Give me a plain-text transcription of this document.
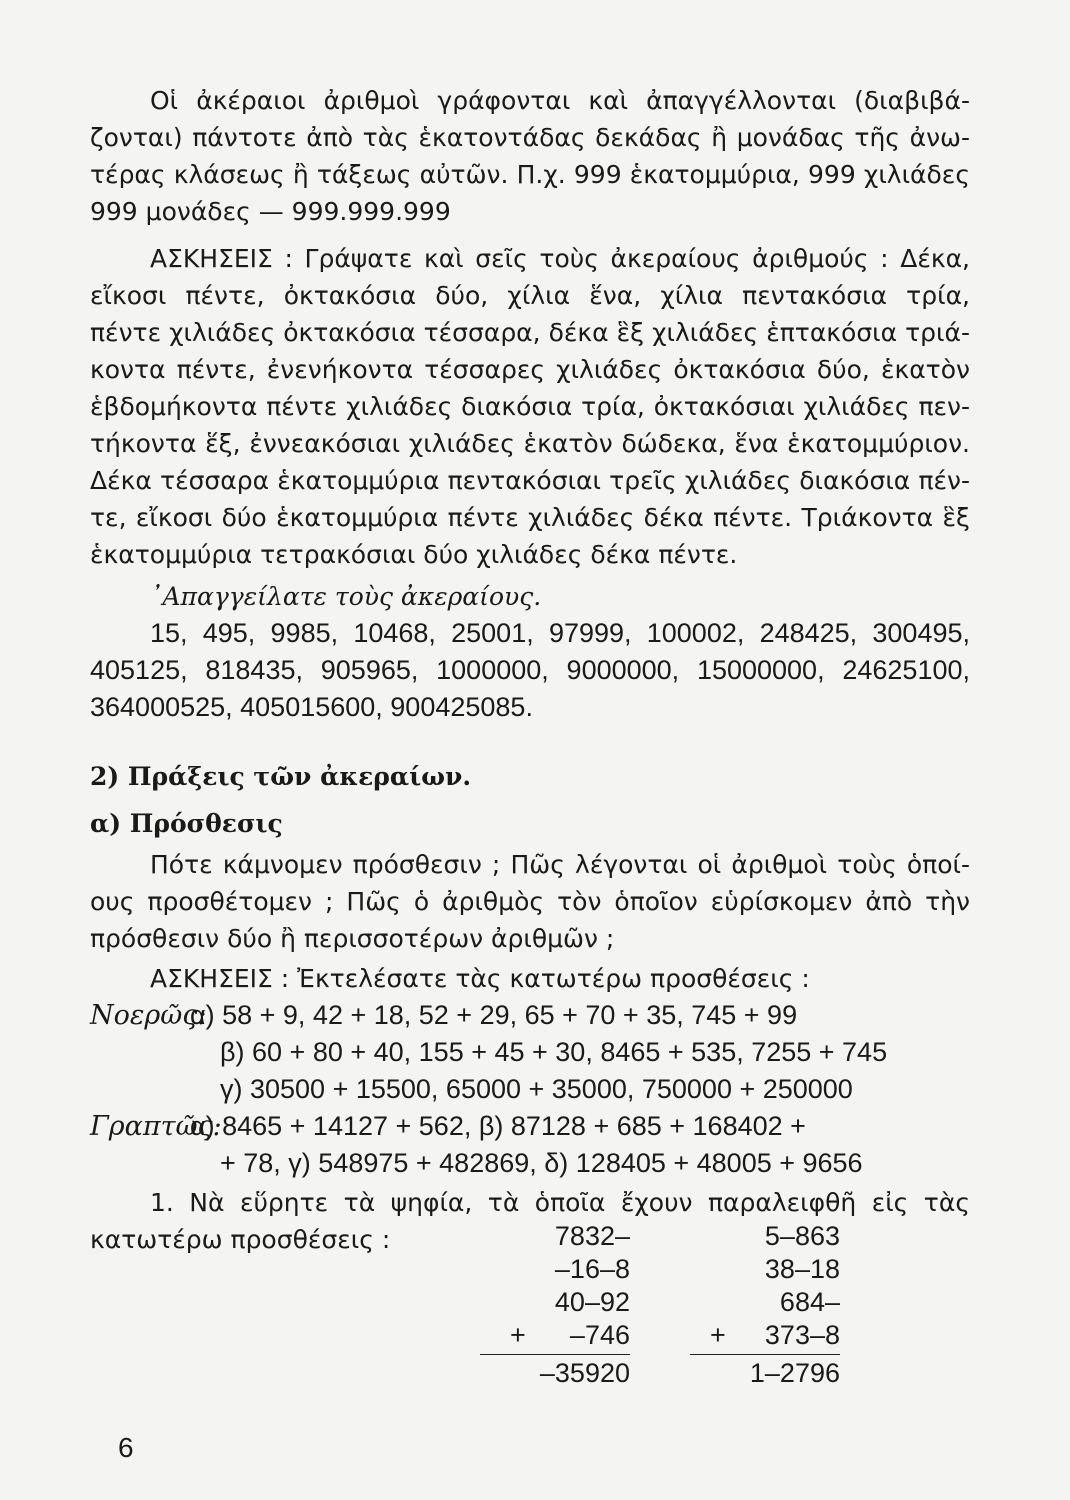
Οἱ ἀκέραιοι ἀριθμοὶ γράφονται καὶ ἀπαγγέλλονται (διαβιβά-
ζονται) πάντοτε ἀπὸ τὰς ἑκατοντάδας δεκάδας ἢ μονάδας τῆς ἀνω-
τέρας κλάσεως ἢ τάξεως αὐτῶν. Π.χ. 999 ἑκατομμύρια, 999 χιλιάδες
999 μονάδες — 999.999.999
ΑΣΚΗΣΕΙΣ : Γράψατε καὶ σεῖς τοὺς ἀκεραίους ἀριθμούς : Δέκα,
εἴκοσι πέντε, ὀκτακόσια δύο, χίλια ἕνα, χίλια πεντακόσια τρία,
πέντε χιλιάδες ὀκτακόσια τέσσαρα, δέκα ἓξ χιλιάδες ἑπτακόσια τριά-
κοντα πέντε, ἐνενήκοντα τέσσαρες χιλιάδες ὀκτακόσια δύο, ἑκατὸν
ἑβδομήκοντα πέντε χιλιάδες διακόσια τρία, ὀκτακόσιαι χιλιάδες πεν-
τήκοντα ἕξ, ἐννεακόσιαι χιλιάδες ἑκατὸν δώδεκα, ἕνα ἑκατομμύριον.
Δέκα τέσσαρα ἑκατομμύρια πεντακόσιαι τρεῖς χιλιάδες διακόσια πέν-
τε, εἴκοσι δύο ἑκατομμύρια πέντε χιλιάδες δέκα πέντε. Τριάκοντα ἓξ
ἑκατομμύρια τετρακόσιαι δύο χιλιάδες δέκα πέντε.
᾿Απαγγείλατε τοὺς ἀκεραίους.
15, 495, 9985, 10468, 25001, 97999, 100002, 248425, 300495,
405125, 818435, 905965, 1000000, 9000000, 15000000, 24625100,
364000525, 405015600, 900425085.
2) Πράξεις τῶν ἀκεραίων.
α) Πρόσθεσις
Πότε κάμνομεν πρόσθεσιν ; Πῶς λέγονται οἱ ἀριθμοὶ τοὺς ὁποί-
ους προσθέτομεν ; Πῶς ὁ ἀριθμὸς τὸν ὁποῖον εὑρίσκομεν ἀπὸ τὴν
πρόσθεσιν δύο ἢ περισσοτέρων ἀριθμῶν ;
ΑΣΚΗΣΕΙΣ : Ἐκτελέσατε τὰς κατωτέρω προσθέσεις :
Νοερῶς:α) 58 + 9, 42 + 18, 52 + 29, 65 + 70 + 35, 745 + 99
β) 60 + 80 + 40, 155 + 45 + 30, 8465 + 535, 7255 + 745
γ) 30500 + 15500, 65000 + 35000, 750000 + 250000
Γραπτῶς:α) 8465 + 14127 + 562, β) 87128 + 685 + 168402 +
+ 78, γ) 548975 + 482869, δ) 128405 + 48005 + 9656
1. Νὰ εὕρητε τὰ ψηφία, τὰ ὁποῖα ἔχουν παραλειφθῆ εἰς τὰς
κατωτέρω προσθέσεις :	7832–
–16–8
40–92
+ –746
–35920
5–863
38–18
684–
+ 373–8
1–2796
6
